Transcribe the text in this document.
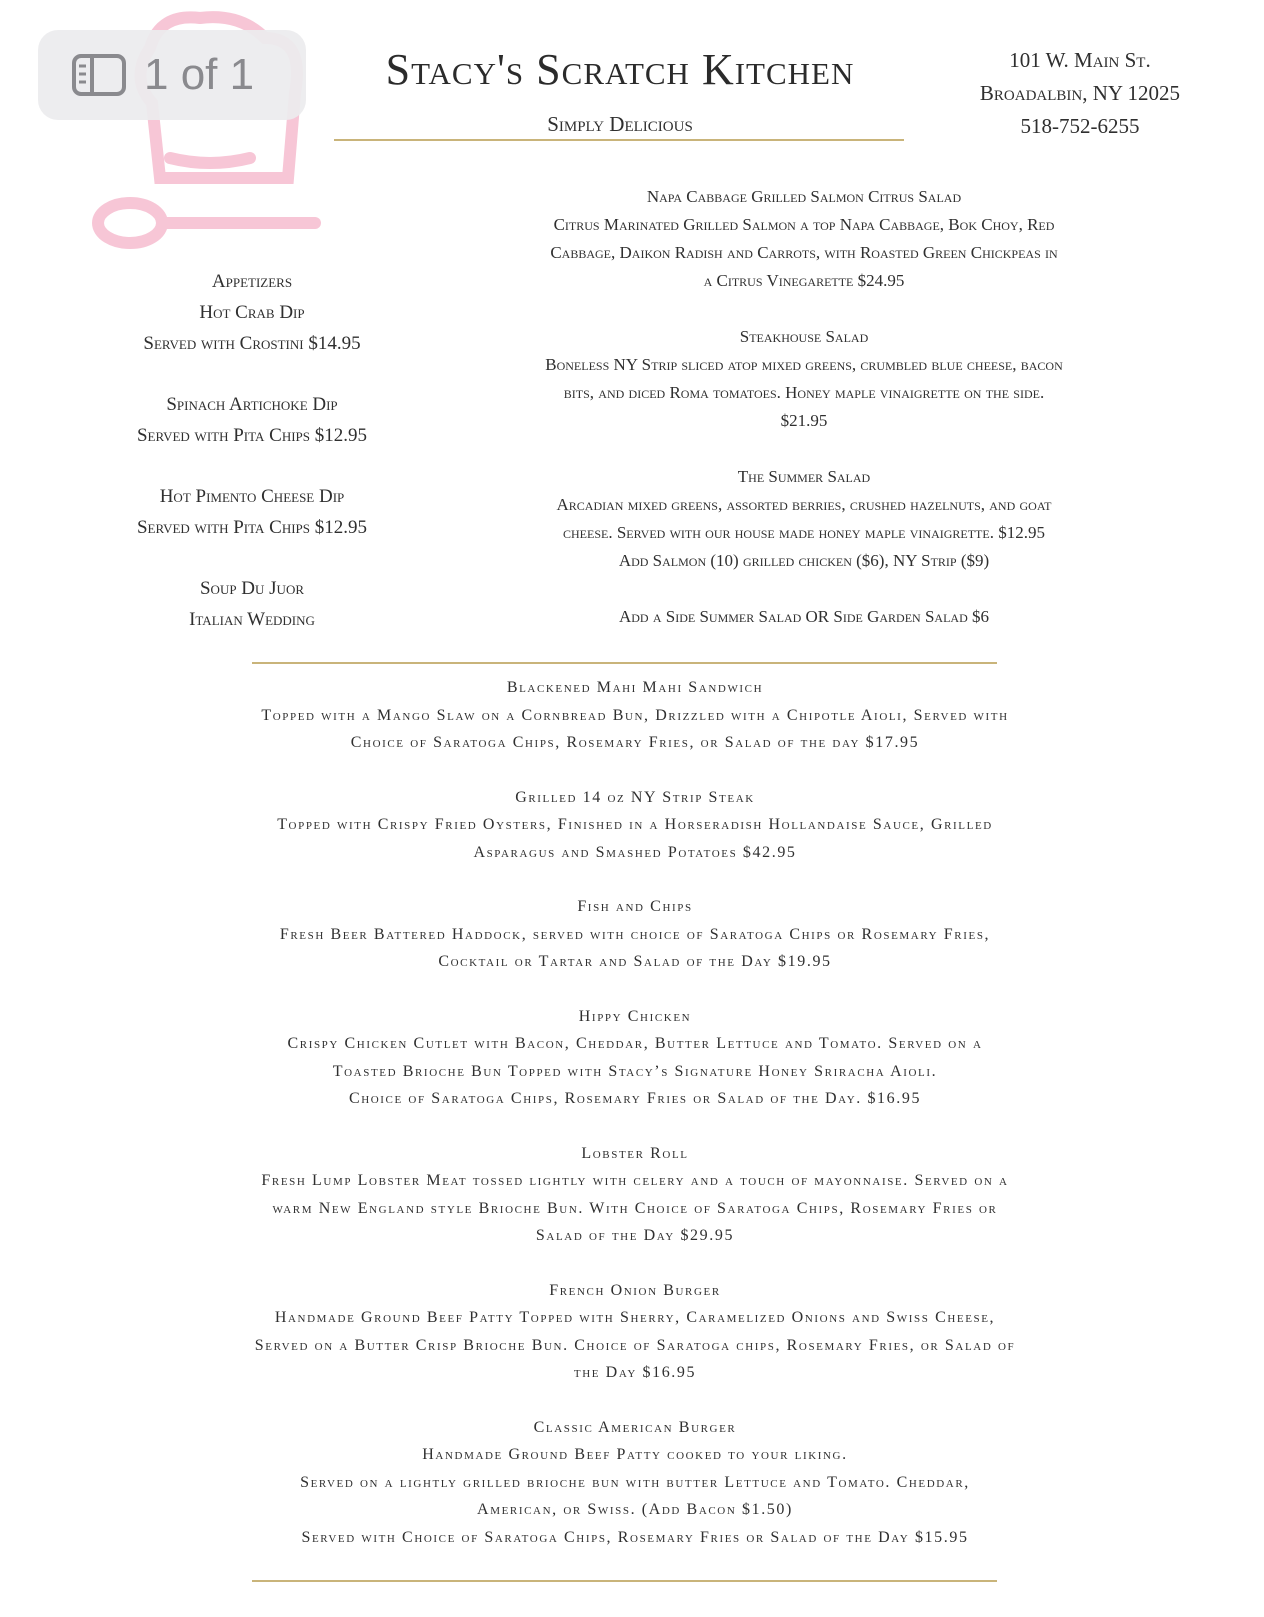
1 of 1	Stacy's Scratch Kitchen
Simply Delicious
101 W. Main St.
Broadalbin, NY 12025
518-752-6255
Appetizers
Hot Crab Dip
Served with Crostini $14.95
Spinach Artichoke Dip
Served with Pita Chips $12.95
Hot Pimento Cheese Dip
Served with Pita Chips $12.95
Soup Du Juor
Italian Wedding
Napa Cabbage Grilled Salmon Citrus Salad
Citrus Marinated Grilled Salmon a top Napa Cabbage, Bok Choy, Red
Cabbage, Daikon Radish and Carrots, with Roasted Green Chickpeas in
a Citrus Vinegarette $24.95
Steakhouse Salad
Boneless NY Strip sliced atop mixed greens, crumbled blue cheese, bacon
bits, and diced Roma tomatoes. Honey maple vinaigrette on the side.
$21.95
The Summer Salad
Arcadian mixed greens, assorted berries, crushed hazelnuts, and goat
cheese. Served with our house made honey maple vinaigrette. $12.95
Add Salmon (10) grilled chicken ($6), NY Strip ($9)
Add a Side Summer Salad OR Side Garden Salad $6
Blackened Mahi Mahi Sandwich
Topped with a Mango Slaw on a Cornbread Bun, Drizzled with a Chipotle Aioli, Served with
Choice of Saratoga Chips, Rosemary Fries, or Salad of the day $17.95
Grilled 14 oz NY Strip Steak
Topped with Crispy Fried Oysters, Finished in a Horseradish Hollandaise Sauce, Grilled
Asparagus and Smashed Potatoes $42.95
Fish and Chips
Fresh Beer Battered Haddock, served with choice of Saratoga Chips or Rosemary Fries,
Cocktail or Tartar and Salad of the Day $19.95
Hippy Chicken
Crispy Chicken Cutlet with Bacon, Cheddar, Butter Lettuce and Tomato. Served on a
Toasted Brioche Bun Topped with Stacy’s Signature Honey Sriracha Aioli.
Choice of Saratoga Chips, Rosemary Fries or Salad of the Day. $16.95
Lobster Roll
Fresh Lump Lobster Meat tossed lightly with celery and a touch of mayonnaise. Served on a
warm New England style Brioche Bun. With Choice of Saratoga Chips, Rosemary Fries or
Salad of the Day $29.95
French Onion Burger
Handmade Ground Beef Patty Topped with Sherry, Caramelized Onions and Swiss Cheese,
Served on a Butter Crisp Brioche Bun. Choice of Saratoga chips, Rosemary Fries, or Salad of
the Day $16.95
Classic American Burger
Handmade Ground Beef Patty cooked to your liking.
Served on a lightly grilled brioche bun with butter Lettuce and Tomato. Cheddar,
American, or Swiss. (Add Bacon $1.50)
Served with Choice of Saratoga Chips, Rosemary Fries or Salad of the Day $15.95
